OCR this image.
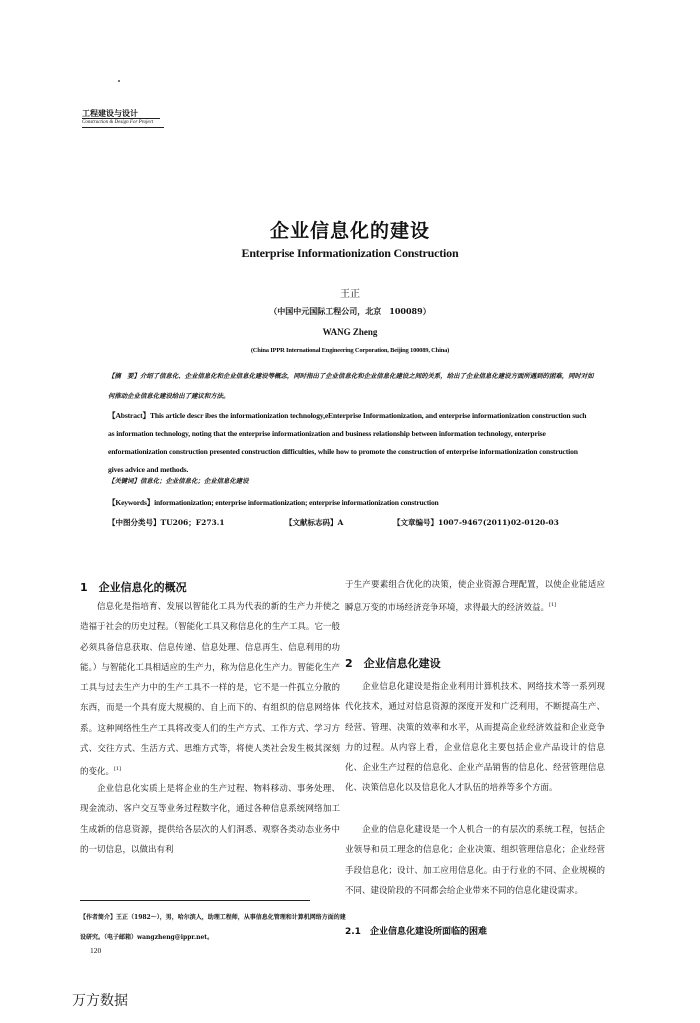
工程建设与设计
Construction & Design For Project
企业信息化的建设
Enterprise Informationization Construction
王正
（中国中元国际工程公司，北京　100089）
WANG Zheng
(China IPPR International Engineering Corporation, Beijing 100089, China)
【摘　要】介绍了信息化、企业信息化和企业信息化建设等概念，同时指出了企业信息化和企业信息化建设之间的关系，给出了企业信息化建设方面所遇到的困难，同时对如何推动企业信息化建设给出了建议和方法。
【Abstract】This article descr ibes the informationization technology,eEnterprise Informationization, and enterprise informationization construction such as information technology, noting that the enterprise informationization and business relationship between information technology, enterprise enformationization construction presented construction difficulties, while how to promote the construction of enterprise informationization construction gives advice and methods.
【关键词】信息化；企业信息化；企业信息化建设
【Keywords】informationization; enterprise informationization; enterprise informationization construction
【中图分类号】TU206；F273.1	【文献标志码】A	【文章编号】1007-9467(2011)02-0120-03
1　企业信息化的概况

信息化是指培育、发展以智能化工具为代表的新的生产力并使之造福于社会的历史过程。（智能化工具又称信息化的生产工具。它一般必须具备信息获取、信息传递、信息处理、信息再生、信息利用的功能。）与智能化工具相适应的生产力，称为信息化生产力。智能化生产工具与过去生产力中的生产工具不一样的是，它不是一件孤立分散的东西，而是一个具有庞大规模的、自上而下的、有组织的信息网络体系。这种网络性生产工具将改变人们的生产方式、工作方式、学习方式、交往方式、生活方式、思维方式等，将使人类社会发生极其深刻的变化。[1]

企业信息化实质上是将企业的生产过程、物料移动、事务处理、现金流动、客户交互等业务过程数字化，通过各种信息系统网络加工生成新的信息资源，提供给各层次的人们洞悉、观察各类动态业务中的一切信息，以做出有利

于生产要素组合优化的决策，使企业资源合理配置，以使企业能适应瞬息万变的市场经济竞争环境，求得最大的经济效益。[1]

2　企业信息化建设

企业信息化建设是指企业利用计算机技术、网络技术等一系列现代化技术，通过对信息资源的深度开发和广泛利用，不断提高生产、经营、管理、决策的效率和水平，从而提高企业经济效益和企业竞争力的过程。从内容上看，企业信息化主要包括企业产品设计的信息化、企业生产过程的信息化、企业产品销售的信息化、经营管理信息化、决策信息化以及信息化人才队伍的培养等多个方面。

企业的信息化建设是一个人机合一的有层次的系统工程，包括企业领导和员工理念的信息化；企业决策、组织管理信息化；企业经营手段信息化；设计、加工应用信息化。由于行业的不同、企业规模的不同、建设阶段的不同都会给企业带来不同的信息化建设需求。

2.1　企业信息化建设所面临的困难
【作者简介】王正（1982～），男，哈尔滨人，助理工程师，从事信息化管理和计算机网络方面的建设研究。（电子邮箱）wangzheng@ippr.net。
120
万方数据
